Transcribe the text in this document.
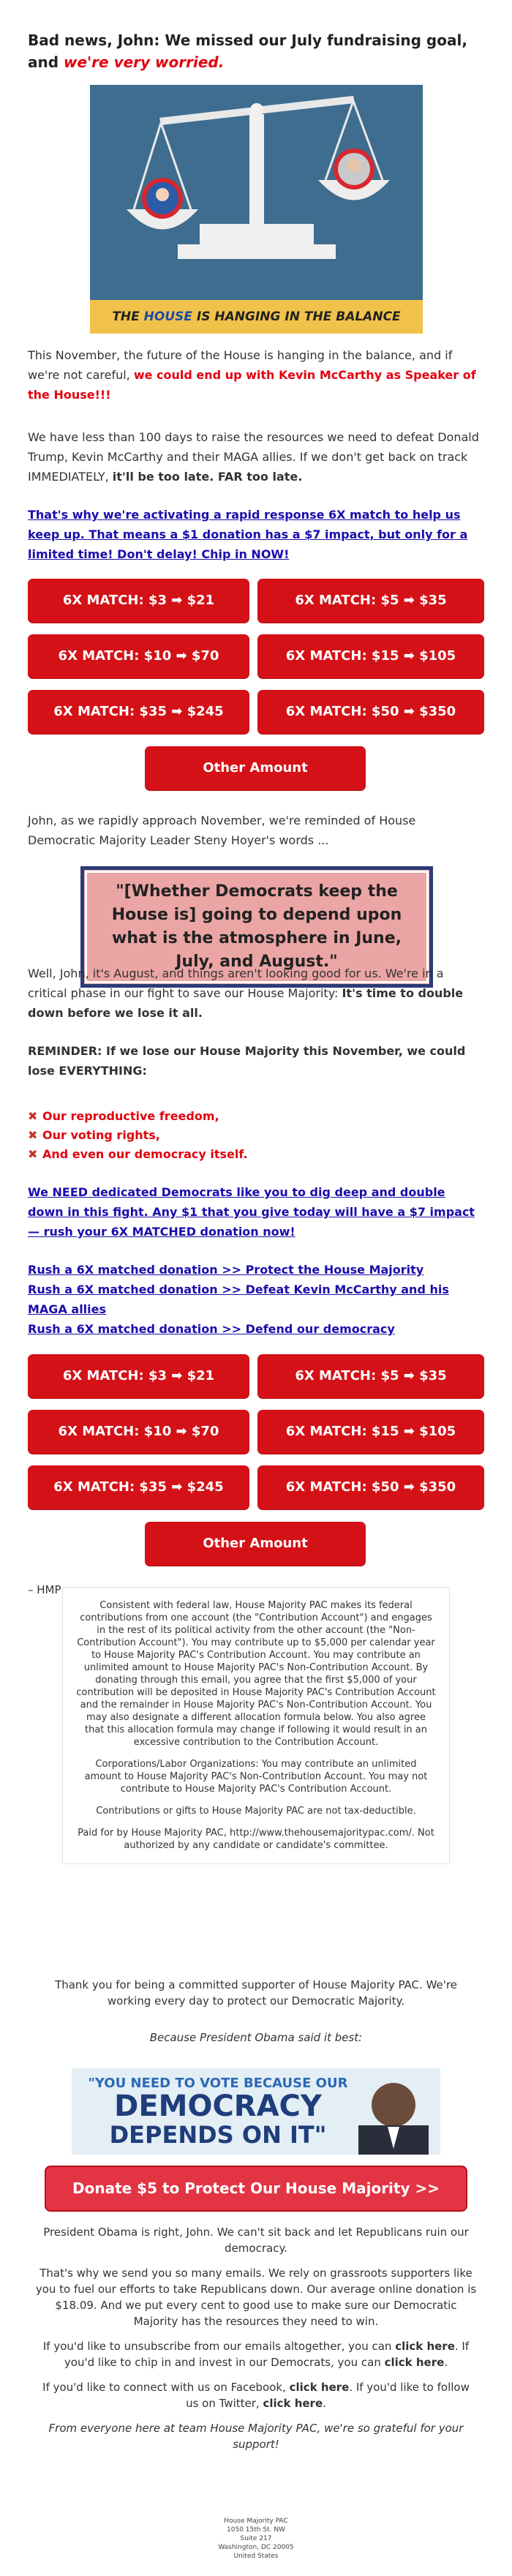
Bad news, John: We missed our July fundraising goal, and we're very worried.
THE HOUSE IS HANGING IN THE BALANCE

This November, the future of the House is hanging in the balance, and if we're not careful, we could end up with Kevin McCarthy as Speaker of the House!!!

We have less than 100 days to raise the resources we need to defeat Donald Trump, Kevin McCarthy and their MAGA allies. If we don't get back on track IMMEDIATELY, it'll be too late. FAR too late.

That's why we're activating a rapid response 6X match to help us keep up. That means a $1 donation has a $7 impact, but only for a limited time! Don't delay! Chip in NOW!

6X MATCH: $3 ➡ $21	6X MATCH: $5 ➡ $35
6X MATCH: $10 ➡ $70	6X MATCH: $15 ➡ $105
6X MATCH: $35 ➡ $245	6X MATCH: $50 ➡ $350
Other Amount

John, as we rapidly approach November, we're reminded of House Democratic Majority Leader Steny Hoyer's words ...

"[Whether Democrats keep the House is] going to depend upon what is the atmosphere in June, July, and August."

Well, John, it's August, and things aren't looking good for us. We're in a critical phase in our fight to save our House Majority: It's time to double down before we lose it all.

REMINDER: If we lose our House Majority this November, we could lose EVERYTHING:

✖ Our reproductive freedom,
✖ Our voting rights,
✖ And even our democracy itself.

We NEED dedicated Democrats like you to dig deep and double down in this fight. Any $1 that you give today will have a $7 impact — rush your 6X MATCHED donation now!

Rush a 6X matched donation >> Protect the House Majority
Rush a 6X matched donation >> Defeat Kevin McCarthy and his MAGA allies
Rush a 6X matched donation >> Defend our democracy
6X MATCH: $3 ➡ $21	6X MATCH: $5 ➡ $35
6X MATCH: $10 ➡ $70	6X MATCH: $15 ➡ $105
6X MATCH: $35 ➡ $245	6X MATCH: $50 ➡ $350
Other Amount

– HMP

Consistent with federal law, House Majority PAC makes its federal contributions from one account (the "Contribution Account") and engages in the rest of its political activity from the other account (the "Non-Contribution Account"). You may contribute up to $5,000 per calendar year to House Majority PAC's Contribution Account. You may contribute an unlimited amount to House Majority PAC's Non-Contribution Account. By donating through this email, you agree that the first $5,000 of your contribution will be deposited in House Majority PAC's Contribution Account and the remainder in House Majority PAC's Non-Contribution Account. You may also designate a different allocation formula below. You also agree that this allocation formula may change if following it would result in an excessive contribution to the Contribution Account.

Corporations/Labor Organizations: You may contribute an unlimited amount to House Majority PAC's Non-Contribution Account. You may not contribute to House Majority PAC's Contribution Account.

Contributions or gifts to House Majority PAC are not tax-deductible.

Paid for by House Majority PAC, http://www.thehousemajoritypac.com/. Not authorized by any candidate or candidate's committee.

Thank you for being a committed supporter of House Majority PAC. We're working every day to protect our Democratic Majority.

Because President Obama said it best:

"YOU NEED TO VOTE BECAUSE OUR
DEMOCRACY
DEPENDS ON IT"
Donate $5 to Protect Our House Majority >>

President Obama is right, John. We can't sit back and let Republicans ruin our democracy.

That's why we send you so many emails. We rely on grassroots supporters like you to fuel our efforts to take Republicans down. Our average online donation is $18.09. And we put every cent to good use to make sure our Democratic Majority has the resources they need to win.

If you'd like to unsubscribe from our emails altogether, you can click here. If you'd like to chip in and invest in our Democrats, you can click here.

If you'd like to connect with us on Facebook, click here. If you'd like to follow us on Twitter, click here.

From everyone here at team House Majority PAC, we're so grateful for your support!

House Majority PAC
1050 15th St. NW
Suite 217
Washington, DC 20005
United States
